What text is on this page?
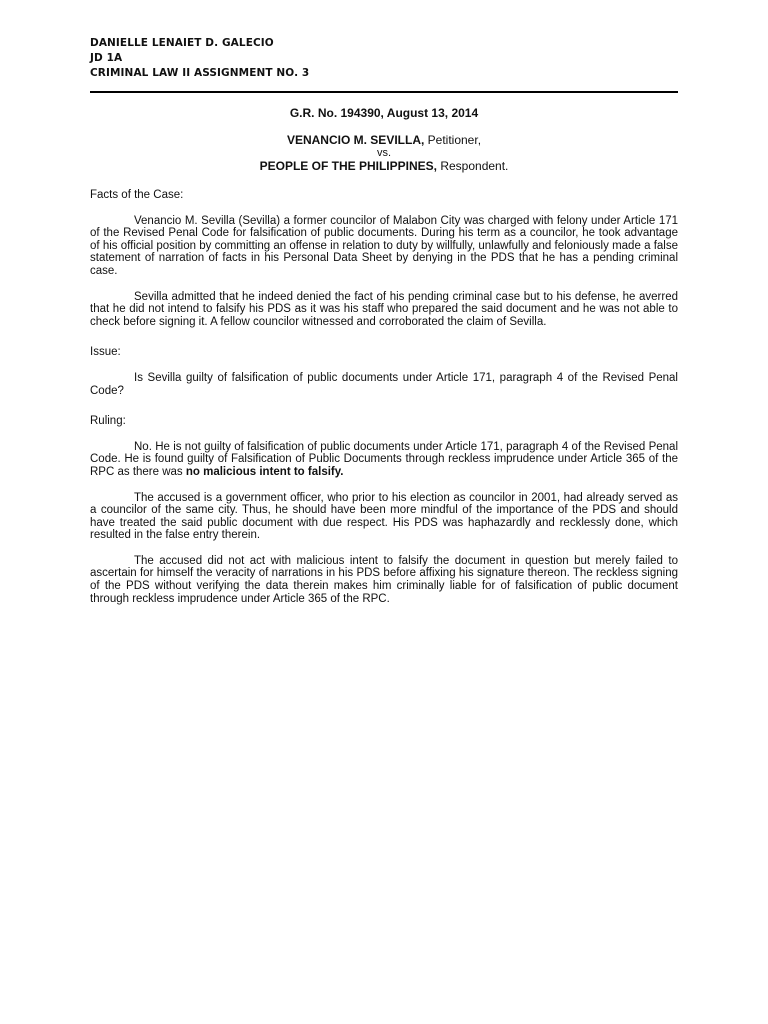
DANIELLE LENAIET D. GALECIO
JD 1A
CRIMINAL LAW II ASSIGNMENT NO. 3
G.R. No. 194390, August 13, 2014
VENANCIO M. SEVILLA, Petitioner,
vs.
PEOPLE OF THE PHILIPPINES, Respondent.
Facts of the Case:
Venancio M. Sevilla (Sevilla) a former councilor of Malabon City was charged with felony under Article 171 of the Revised Penal Code for falsification of public documents. During his term as a councilor, he took advantage of his official position by committing an offense in relation to duty by willfully, unlawfully and feloniously made a false statement of narration of facts in his Personal Data Sheet by denying in the PDS that he has a pending criminal case.
Sevilla admitted that he indeed denied the fact of his pending criminal case but to his defense, he averred that he did not intend to falsify his PDS as it was his staff who prepared the said document and he was not able to check before signing it. A fellow councilor witnessed and corroborated the claim of Sevilla.
Issue:
Is Sevilla guilty of falsification of public documents under Article 171, paragraph 4 of the Revised Penal Code?
Ruling:
No. He is not guilty of falsification of public documents under Article 171, paragraph 4 of the Revised Penal Code. He is found guilty of Falsification of Public Documents through reckless imprudence under Article 365 of the RPC as there was no malicious intent to falsify.
The accused is a government officer, who prior to his election as councilor in 2001, had already served as a councilor of the same city. Thus, he should have been more mindful of the importance of the PDS and should have treated the said public document with due respect. His PDS was haphazardly and recklessly done, which resulted in the false entry therein.
The accused did not act with malicious intent to falsify the document in question but merely failed to ascertain for himself the veracity of narrations in his PDS before affixing his signature thereon. The reckless signing of the PDS without verifying the data therein makes him criminally liable for of falsification of public document through reckless imprudence under Article 365 of the RPC.
